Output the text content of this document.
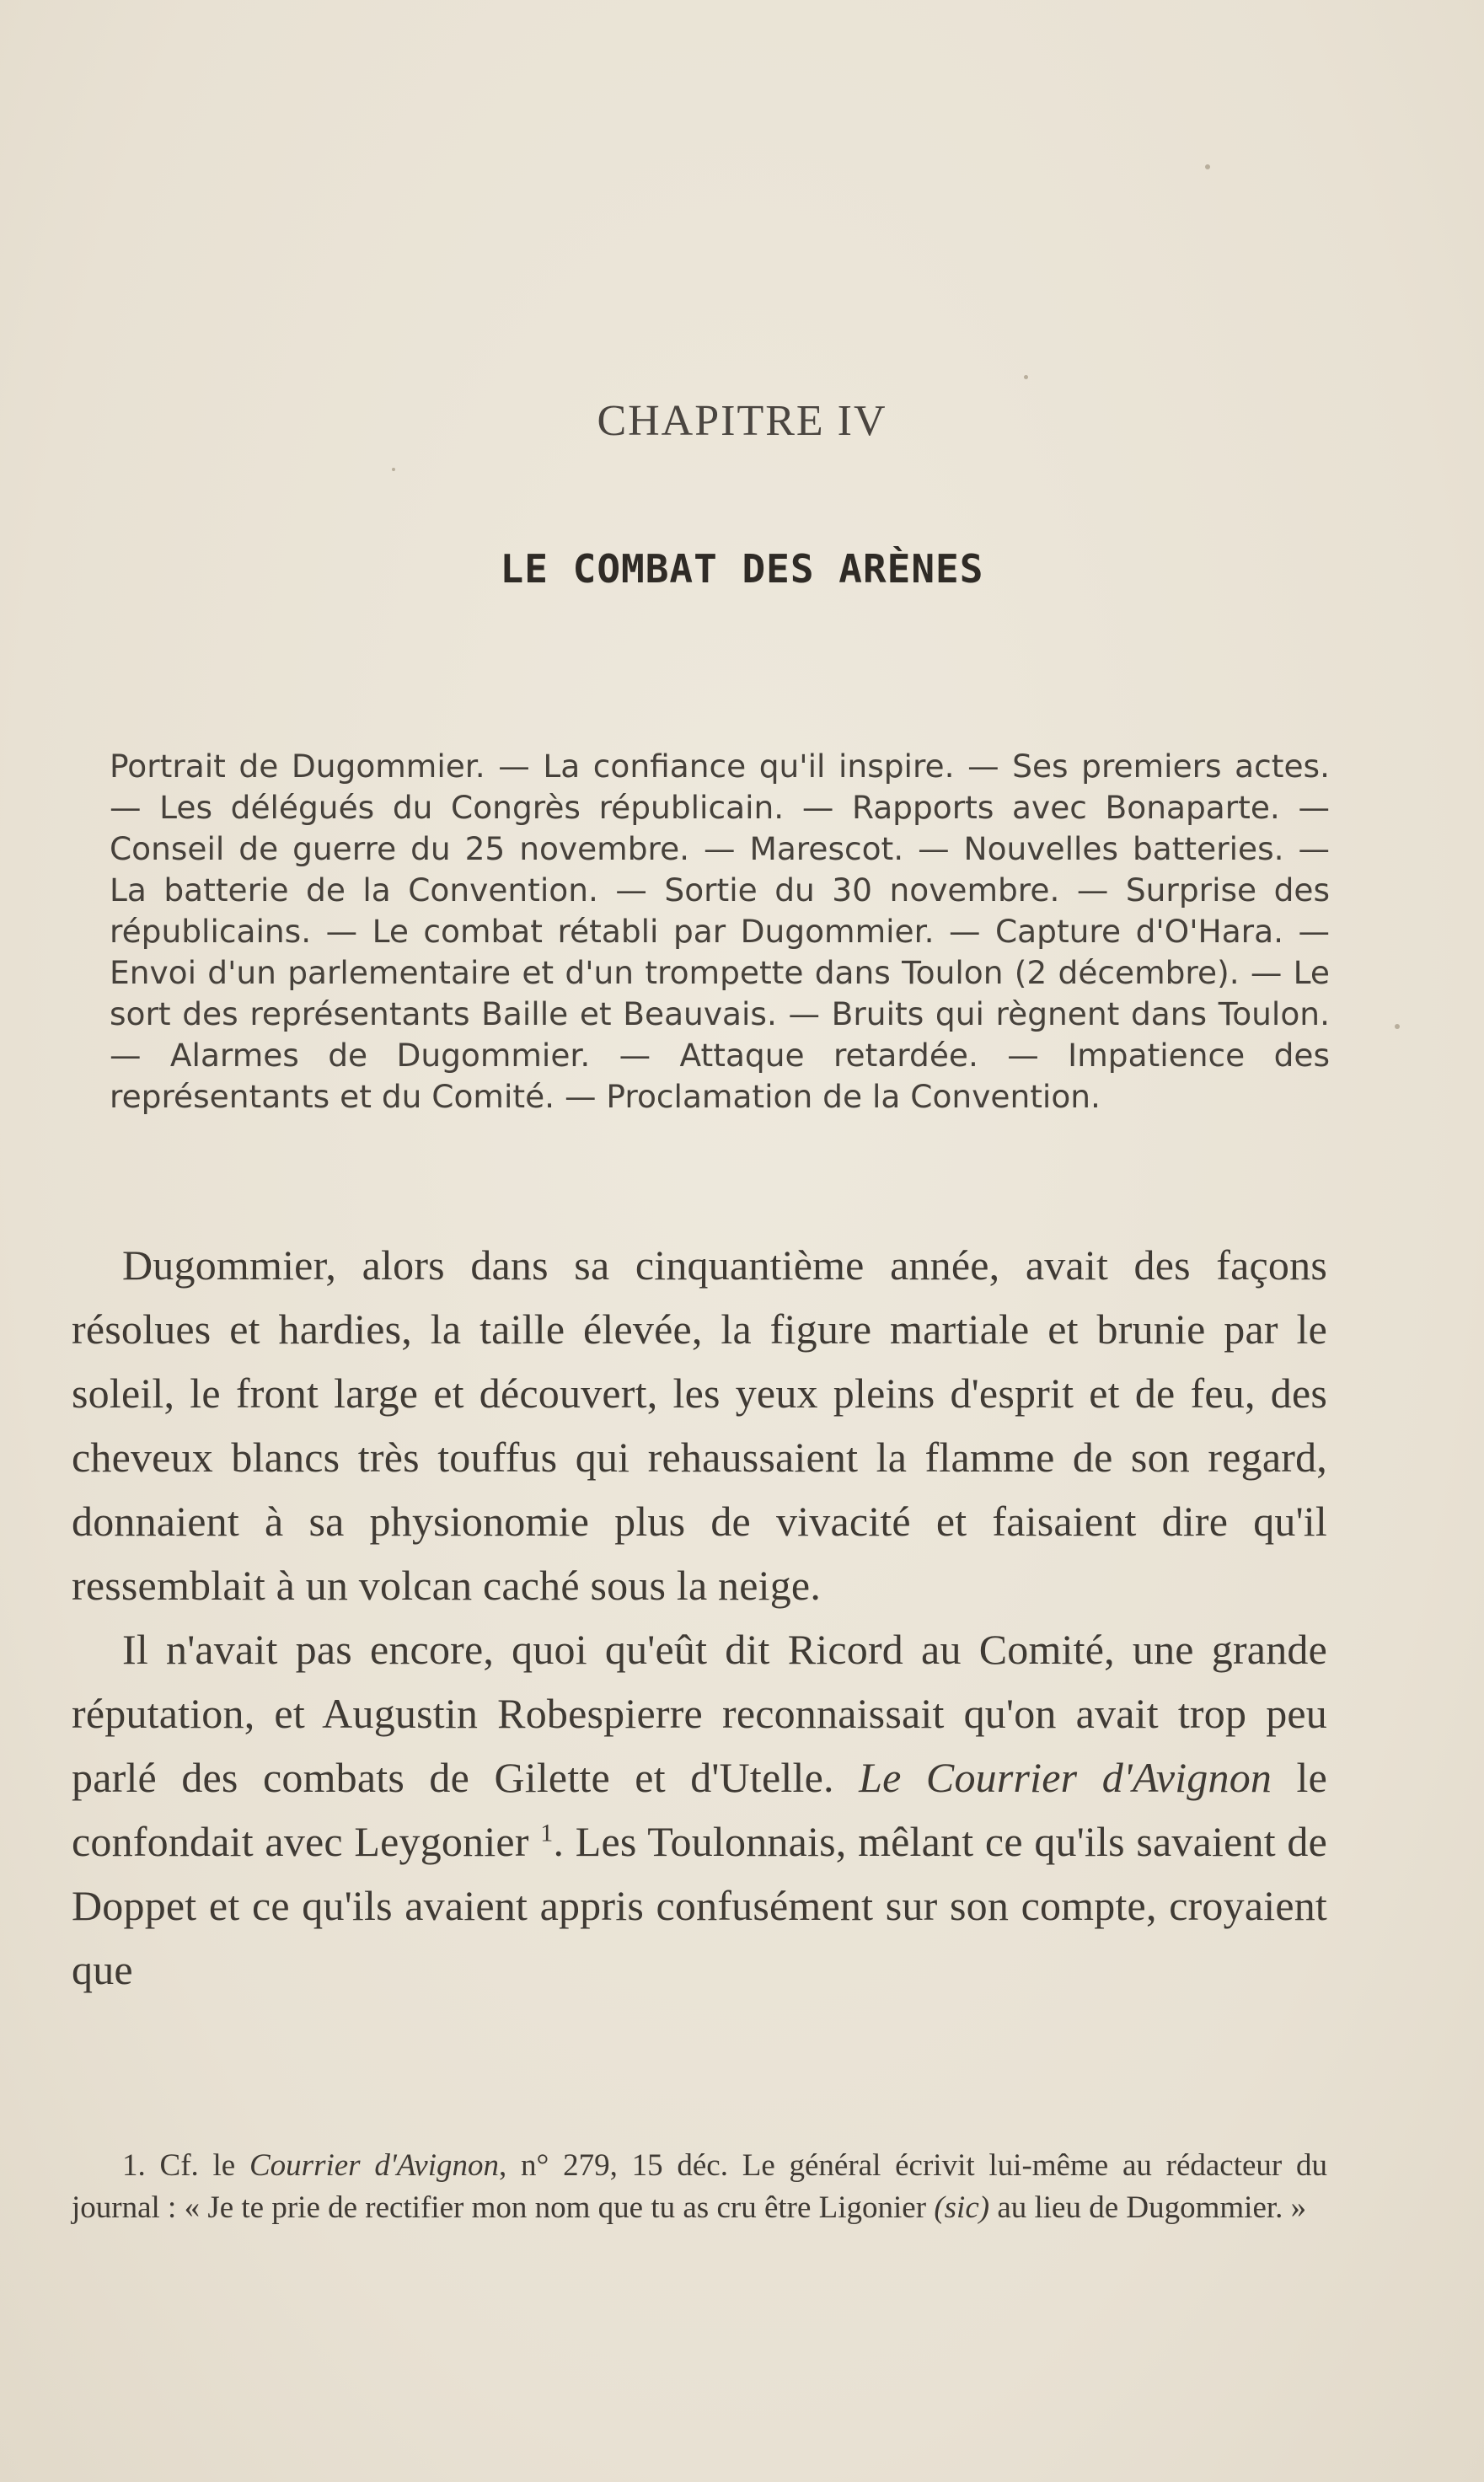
CHAPITRE IV
LE COMBAT DES ARÈNES
Portrait de Dugommier. — La confiance qu'il inspire. — Ses premiers actes. — Les délégués du Congrès républicain. — Rapports avec Bonaparte. — Conseil de guerre du 25 novembre. — Marescot. — Nouvelles batteries. — La batterie de la Convention. — Sortie du 30 novembre. — Surprise des républicains. — Le combat rétabli par Dugommier. — Capture d'O'Hara. — Envoi d'un parlementaire et d'un trompette dans Toulon (2 décembre). — Le sort des représentants Baille et Beauvais. — Bruits qui règnent dans Toulon. — Alarmes de Dugommier. — Attaque retardée. — Impatience des représentants et du Comité. — Proclamation de la Convention.

Dugommier, alors dans sa cinquantième année, avait des façons résolues et hardies, la taille élevée, la figure martiale et brunie par le soleil, le front large et découvert, les yeux pleins d'esprit et de feu, des cheveux blancs très touffus qui rehaussaient la flamme de son regard, donnaient à sa physionomie plus de vivacité et faisaient dire qu'il ressemblait à un volcan caché sous la neige.

Il n'avait pas encore, quoi qu'eût dit Ricord au Comité, une grande réputation, et Augustin Robespierre reconnaissait qu'on avait trop peu parlé des combats de Gilette et d'Utelle. Le Courrier d'Avignon le confondait avec Leygonier $^1$. Les Toulonnais, mêlant ce qu'ils savaient de Doppet et ce qu'ils avaient appris confusément sur son compte, croyaient que

1. Cf. le Courrier d'Avignon, n° 279, 15 déc. Le général écrivit lui-même au rédacteur du journal : « Je te prie de rectifier mon nom que tu as cru être Ligonier (sic) au lieu de Dugommier. »
